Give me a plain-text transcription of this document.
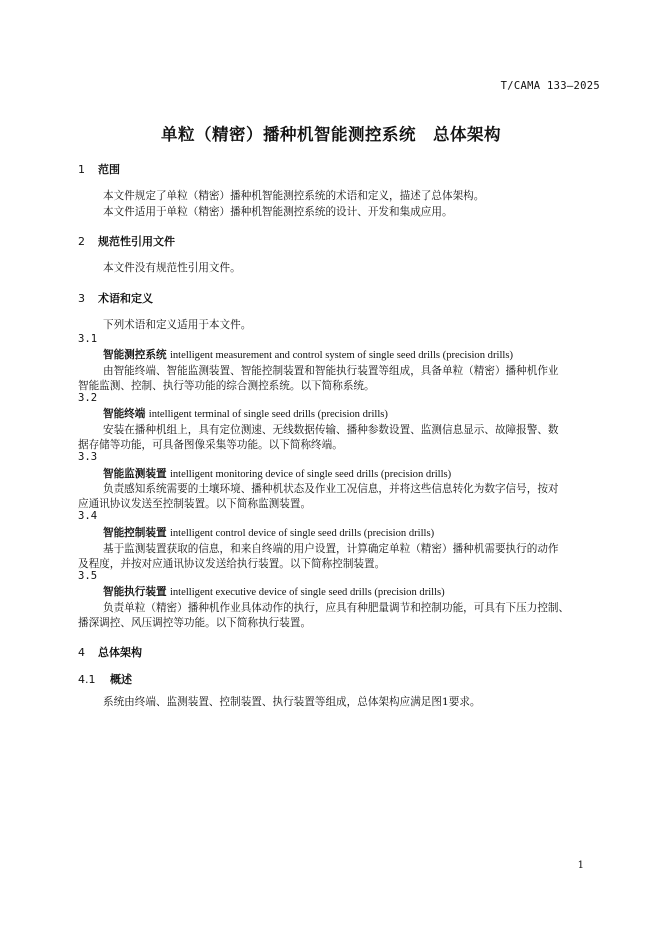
T/CAMA 133—2025
单粒（精密）播种机智能测控系统　总体架构
1 范围
本文件规定了单粒（精密）播种机智能测控系统的术语和定义，描述了总体架构。
本文件适用于单粒（精密）播种机智能测控系统的设计、开发和集成应用。
2 规范性引用文件
本文件没有规范性引用文件。
3 术语和定义
下列术语和定义适用于本文件。
3.1
智能测控系统 intelligent measurement and control system of single seed drills (precision drills)
由智能终端、智能监测装置、智能控制装置和智能执行装置等组成，具备单粒（精密）播种机作业
智能监测、控制、执行等功能的综合测控系统。以下简称系统。
3.2
智能终端 intelligent terminal of single seed drills (precision drills)
安装在播种机组上，具有定位测速、无线数据传输、播种参数设置、监测信息显示、故障报警、数
据存储等功能，可具备图像采集等功能。以下简称终端。
3.3
智能监测装置 intelligent monitoring device of single seed drills (precision drills)
负责感知系统需要的土壤环境、播种机状态及作业工况信息，并将这些信息转化为数字信号，按对
应通讯协议发送至控制装置。以下简称监测装置。
3.4
智能控制装置 intelligent control device of single seed drills (precision drills)
基于监测装置获取的信息，和来自终端的用户设置，计算确定单粒（精密）播种机需要执行的动作
及程度，并按对应通讯协议发送给执行装置。以下简称控制装置。
3.5
智能执行装置 intelligent executive device of single seed drills (precision drills)
负责单粒（精密）播种机作业具体动作的执行，应具有种肥量调节和控制功能，可具有下压力控制、
播深调控、风压调控等功能。以下简称执行装置。
4 总体架构
4.1 概述
系统由终端、监测装置、控制装置、执行装置等组成，总体架构应满足图1要求。
1
